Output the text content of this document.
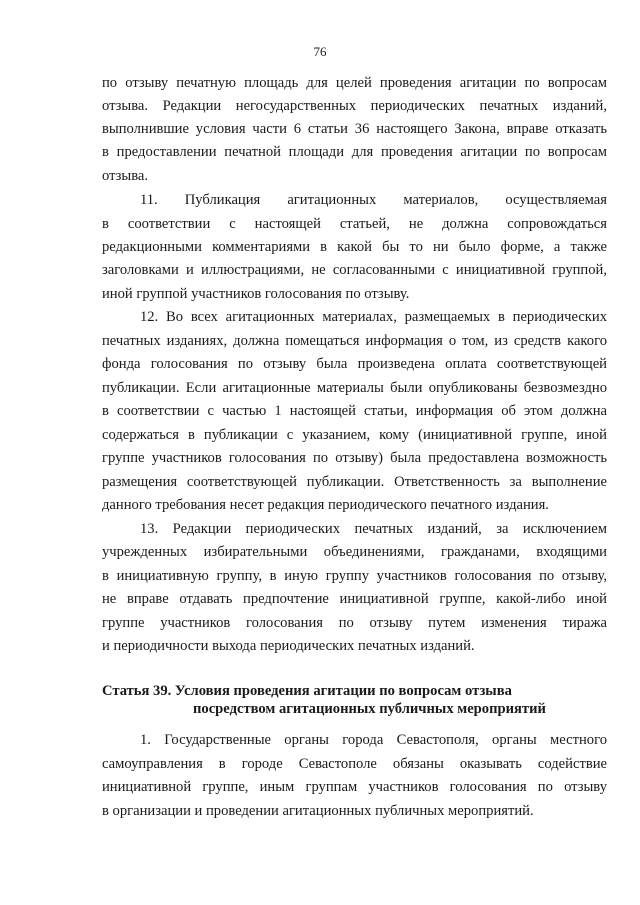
76
по отзыву печатную площадь для целей проведения агитации по вопросам
отзыва. Редакции негосударственных периодических печатных изданий,
выполнившие условия части 6 статьи 36 настоящего Закона, вправе отказать
в предоставлении печатной площади для проведения агитации по вопросам
отзыва.
11. Публикация агитационных материалов, осуществляемая
в соответствии с настоящей статьей, не должна сопровождаться
редакционными комментариями в какой бы то ни было форме, а также
заголовками и иллюстрациями, не согласованными с инициативной группой,
иной группой участников голосования по отзыву.
12. Во всех агитационных материалах, размещаемых в периодических
печатных изданиях, должна помещаться информация о том, из средств какого
фонда голосования по отзыву была произведена оплата соответствующей
публикации. Если агитационные материалы были опубликованы безвозмездно
в соответствии с частью 1 настоящей статьи, информация об этом должна
содержаться в публикации с указанием, кому (инициативной группе, иной
группе участников голосования по отзыву) была предоставлена возможность
размещения соответствующей публикации. Ответственность за выполнение
данного требования несет редакция периодического печатного издания.
13. Редакции периодических печатных изданий, за исключением
учрежденных избирательными объединениями, гражданами, входящими
в инициативную группу, в иную группу участников голосования по отзыву,
не вправе отдавать предпочтение инициативной группе, какой-либо иной
группе участников голосования по отзыву путем изменения тиража
и периодичности выхода периодических печатных изданий.
Статья 39. Условия проведения агитации по вопросам отзыва
посредством агитационных публичных мероприятий
1. Государственные органы города Севастополя, органы местного
самоуправления в городе Севастополе обязаны оказывать содействие
инициативной группе, иным группам участников голосования по отзыву
в организации и проведении агитационных публичных мероприятий.
